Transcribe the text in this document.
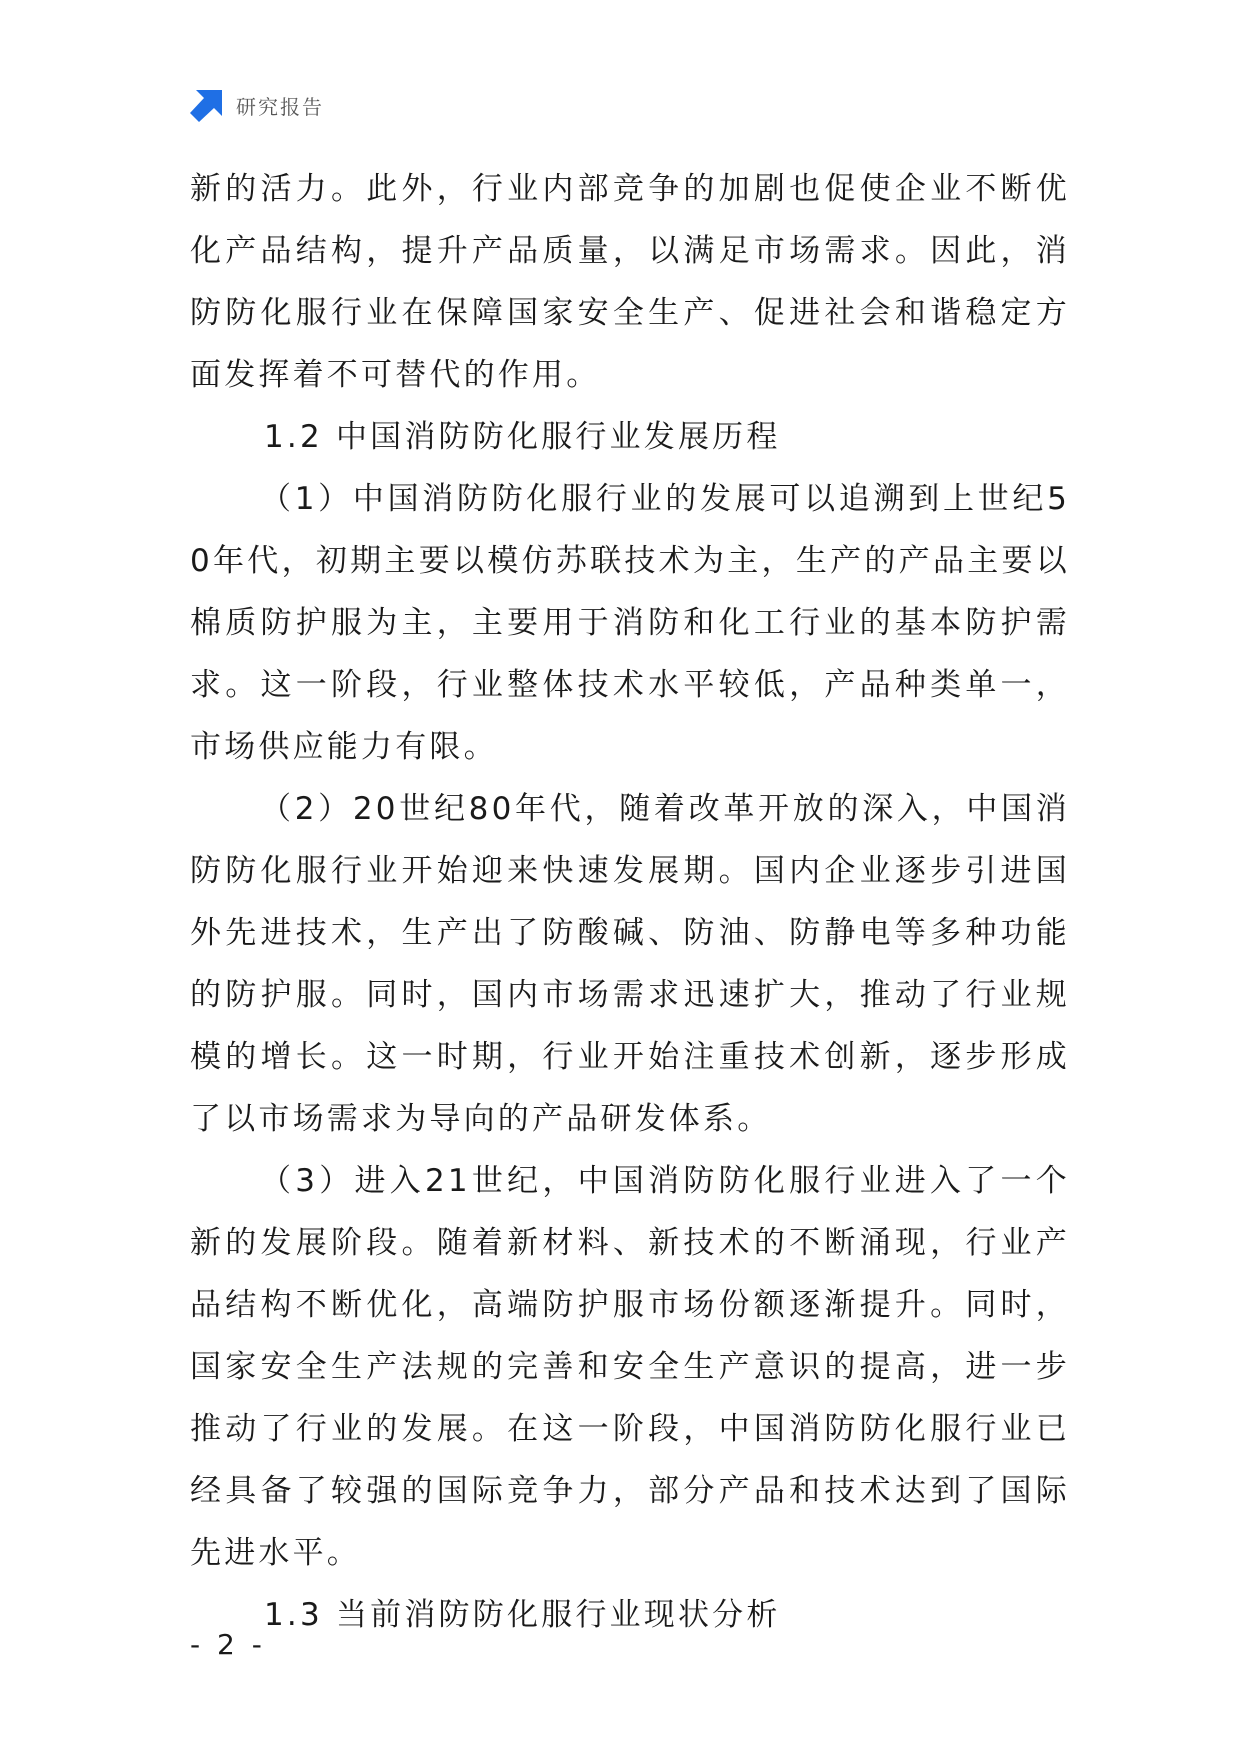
研究报告

新的活力。此外，行业内部竞争的加剧也促使企业不断优化产品结构，提升产品质量，以满足市场需求。因此，消防防化服行业在保障国家安全生产、促进社会和谐稳定方面发挥着不可替代的作用。

1.2 中国消防防化服行业发展历程

（1）中国消防防化服行业的发展可以追溯到上世纪50年代，初期主要以模仿苏联技术为主，生产的产品主要以棉质防护服为主，主要用于消防和化工行业的基本防护需求。这一阶段，行业整体技术水平较低，产品种类单一，市场供应能力有限。

（2）20世纪80年代，随着改革开放的深入，中国消防防化服行业开始迎来快速发展期。国内企业逐步引进国外先进技术，生产出了防酸碱、防油、防静电等多种功能的防护服。同时，国内市场需求迅速扩大，推动了行业规模的增长。这一时期，行业开始注重技术创新，逐步形成了以市场需求为导向的产品研发体系。

（3）进入21世纪，中国消防防化服行业进入了一个新的发展阶段。随着新材料、新技术的不断涌现，行业产品结构不断优化，高端防护服市场份额逐渐提升。同时，国家安全生产法规的完善和安全生产意识的提高，进一步推动了行业的发展。在这一阶段，中国消防防化服行业已经具备了较强的国际竞争力，部分产品和技术达到了国际先进水平。

1.3 当前消防防化服行业现状分析

- 2 -
